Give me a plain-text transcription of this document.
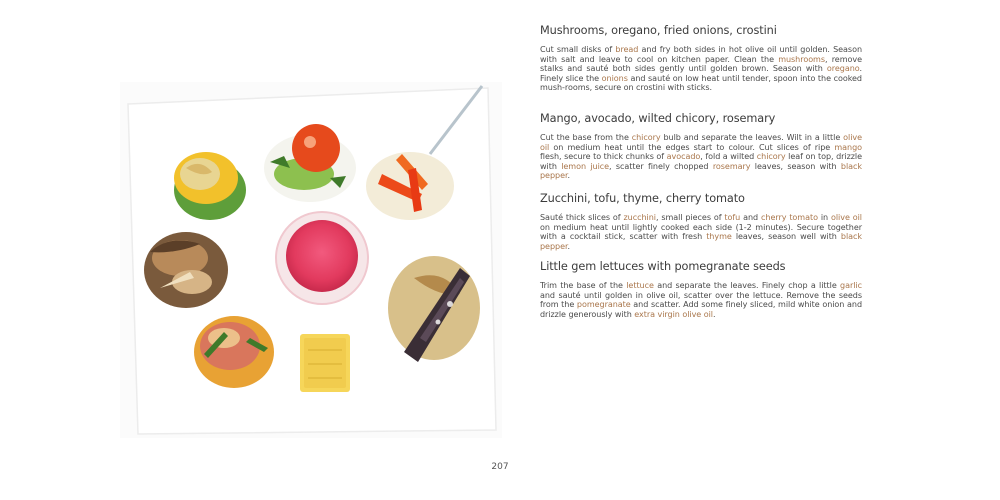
Mushrooms, oregano, fried onions, crostini

Cut small disks of bread and fry both sides in hot olive oil until golden. Season with salt and leave to cool on kitchen paper. Clean the mushrooms, remove stalks and sauté both sides gently until golden brown. Season with oregano. Finely slice the onions and sauté on low heat until tender, spoon into the cooked mush-rooms, secure on crostini with sticks.

Mango, avocado, wilted chicory, rosemary

Cut the base from the chicory bulb and separate the leaves. Wilt in a little olive oil on medium heat until the edges start to colour. Cut slices of ripe mango flesh, secure to thick chunks of avocado, fold a wilted chicory leaf on top, drizzle with lemon juice, scatter finely chopped rosemary leaves, season with black pepper.

Zucchini, tofu, thyme, cherry tomato

Sauté thick slices of zucchini, small pieces of tofu and cherry tomato in olive oil on medium heat until lightly cooked each side (1-2 minutes). Secure together with a cocktail stick, scatter with fresh thyme leaves, season well with black pepper.

Little gem lettuces with pomegranate seeds

Trim the base of the lettuce and separate the leaves. Finely chop a little garlic and sauté until golden in olive oil, scatter over the lettuce. Remove the seeds from the pomegranate and scatter. Add some finely sliced, mild white onion and drizzle generously with extra virgin olive oil.

207
